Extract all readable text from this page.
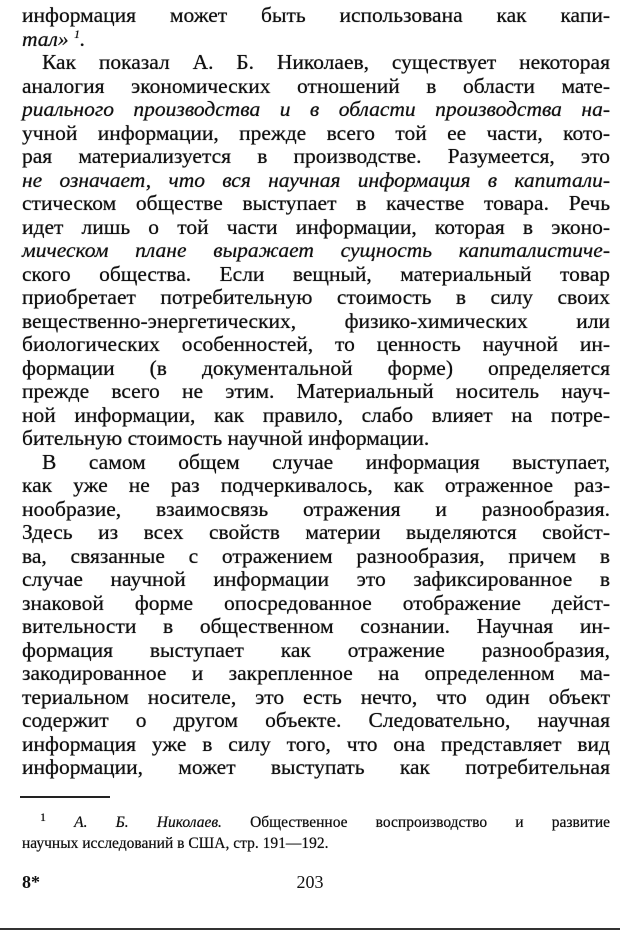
информация может быть использована как капи-
тал» $^1$.
Как показал А. Б. Николаев, существует некоторая
аналогия экономических отношений в области мате-
риального производства и в области производства на-
учной информации, прежде всего той ее части, кото-
рая материализуется в производстве. Разумеется, это
не означает, что вся научная информация в капитали-
стическом обществе выступает в качестве товара. Речь
идет лишь о той части информации, которая в эконо-
мическом плане выражает сущность капиталистиче-
ского общества. Если вещный, материальный товар
приобретает потребительную стоимость в силу своих
вещественно-энергетических, физико-химических или
биологических особенностей, то ценность научной ин-
формации (в документальной форме) определяется
прежде всего не этим. Материальный носитель науч-
ной информации, как правило, слабо влияет на потре-
бительную стоимость научной информации.
В самом общем случае информация выступает,
как уже не раз подчеркивалось, как отраженное раз-
нообразие, взаимосвязь отражения и разнообразия.
Здесь из всех свойств материи выделяются свойст-
ва, связанные с отражением разнообразия, причем в
случае научной информации это зафиксированное в
знаковой форме опосредованное отображение дейст-
вительности в общественном сознании. Научная ин-
формация выступает как отражение разнообразия,
закодированное и закрепленное на определенном ма-
териальном носителе, это есть нечто, что один объект
содержит о другом объекте. Следовательно, научная
информация уже в силу того, что она представляет вид
информации, может выступать как потребительная
$^1$ А. Б. Николаев. Общественное воспроизводство и развитие
научных исследований в США, стр. 191—192.
8*	203
